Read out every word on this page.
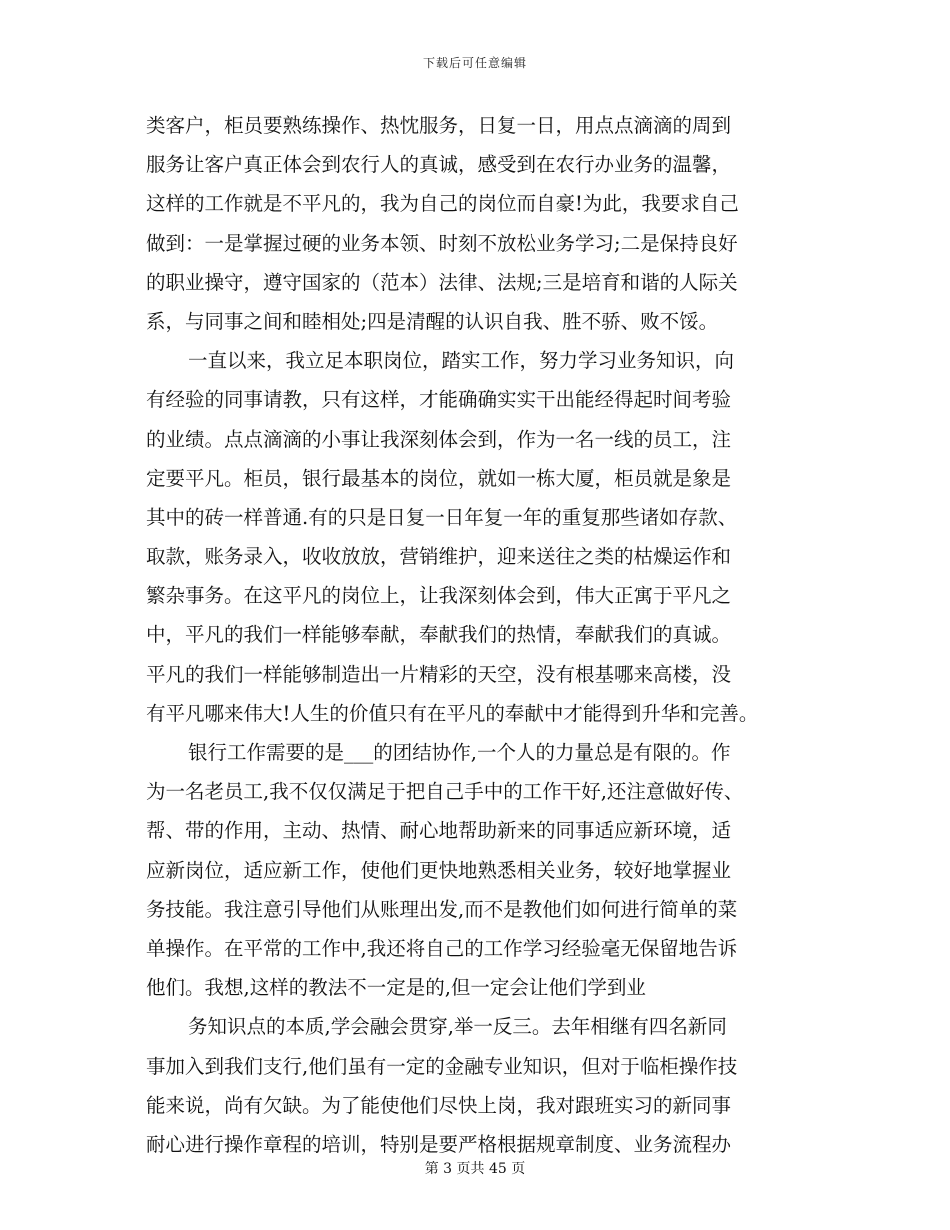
下载后可任意编辑
类客户，柜员要熟练操作、热忱服务，日复一日，用点点滴滴的周到
服务让客户真正体会到农行人的真诚，感受到在农行办业务的温馨，
这样的工作就是不平凡的，我为自己的岗位而自豪!为此，我要求自己
做到：一是掌握过硬的业务本领、时刻不放松业务学习;二是保持良好
的职业操守，遵守国家的（范本）法律、法规;三是培育和谐的人际关
系，与同事之间和睦相处;四是清醒的认识自我、胜不骄、败不馁。
一直以来，我立足本职岗位，踏实工作，努力学习业务知识，向
有经验的同事请教，只有这样，才能确确实实干出能经得起时间考验
的业绩。点点滴滴的小事让我深刻体会到，作为一名一线的员工，注
定要平凡。柜员，银行最基本的岗位，就如一栋大厦，柜员就是象是
其中的砖一样普通.有的只是日复一日年复一年的重复那些诸如存款、
取款，账务录入，收收放放，营销维护，迎来送往之类的枯燥运作和
繁杂事务。在这平凡的岗位上，让我深刻体会到，伟大正寓于平凡之
中，平凡的我们一样能够奉献，奉献我们的热情，奉献我们的真诚。
平凡的我们一样能够制造出一片精彩的天空，没有根基哪来高楼，没
有平凡哪来伟大!人生的价值只有在平凡的奉献中才能得到升华和完善。
银行工作需要的是___的团结协作,一个人的力量总是有限的。作
为一名老员工,我不仅仅满足于把自己手中的工作干好,还注意做好传、
帮、带的作用，主动、热情、耐心地帮助新来的同事适应新环境，适
应新岗位，适应新工作，使他们更快地熟悉相关业务，较好地掌握业
务技能。我注意引导他们从账理出发,而不是教他们如何进行简单的菜
单操作。在平常的工作中,我还将自己的工作学习经验毫无保留地告诉
他们。我想,这样的教法不一定是的,但一定会让他们学到业
务知识点的本质,学会融会贯穿,举一反三。去年相继有四名新同
事加入到我们支行,他们虽有一定的金融专业知识，但对于临柜操作技
能来说，尚有欠缺。为了能使他们尽快上岗，我对跟班实习的新同事
耐心进行操作章程的培训，特别是要严格根据规章制度、业务流程办
第 3 页共 45 页
